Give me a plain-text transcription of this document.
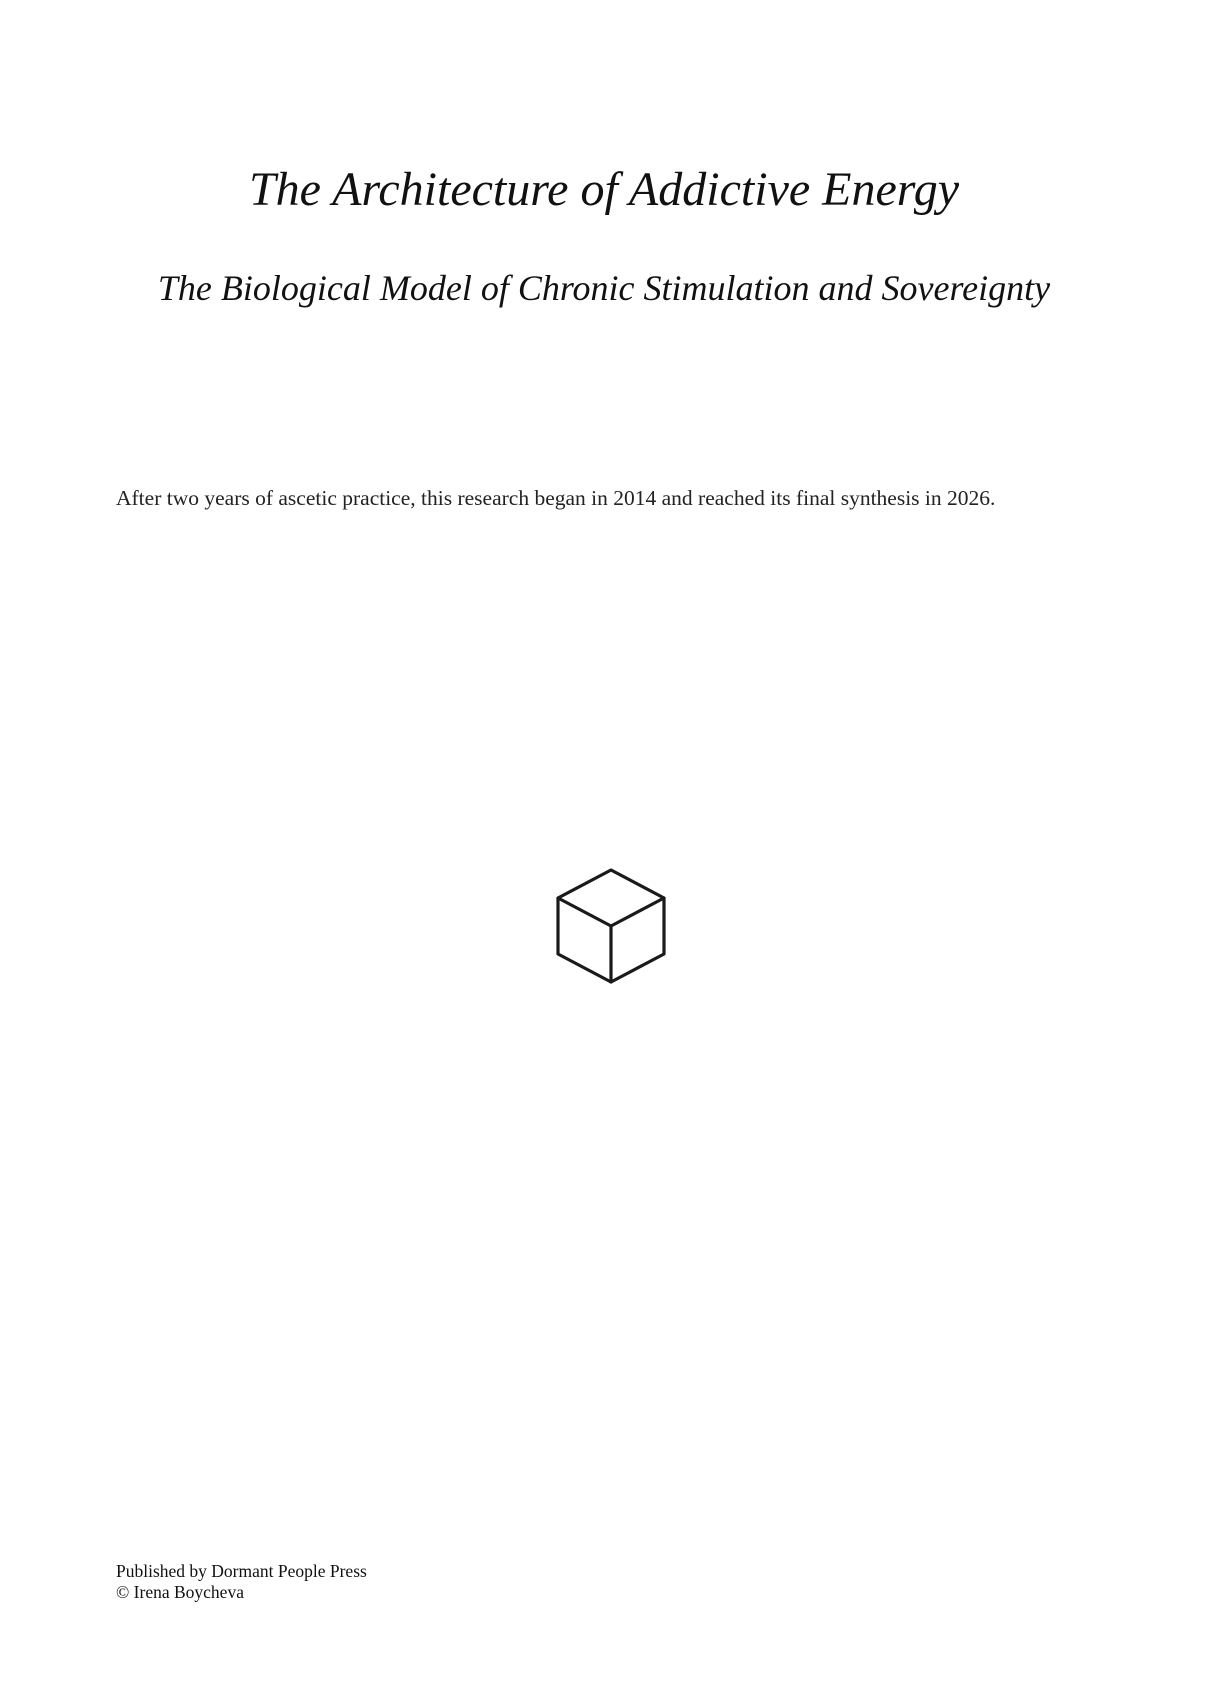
The Architecture of Addictive Energy
The Biological Model of Chronic Stimulation and Sovereignty

After two years of ascetic practice, this research began in 2014 and reached its final synthesis in 2026.

Published by Dormant People Press
© Irena Boycheva
